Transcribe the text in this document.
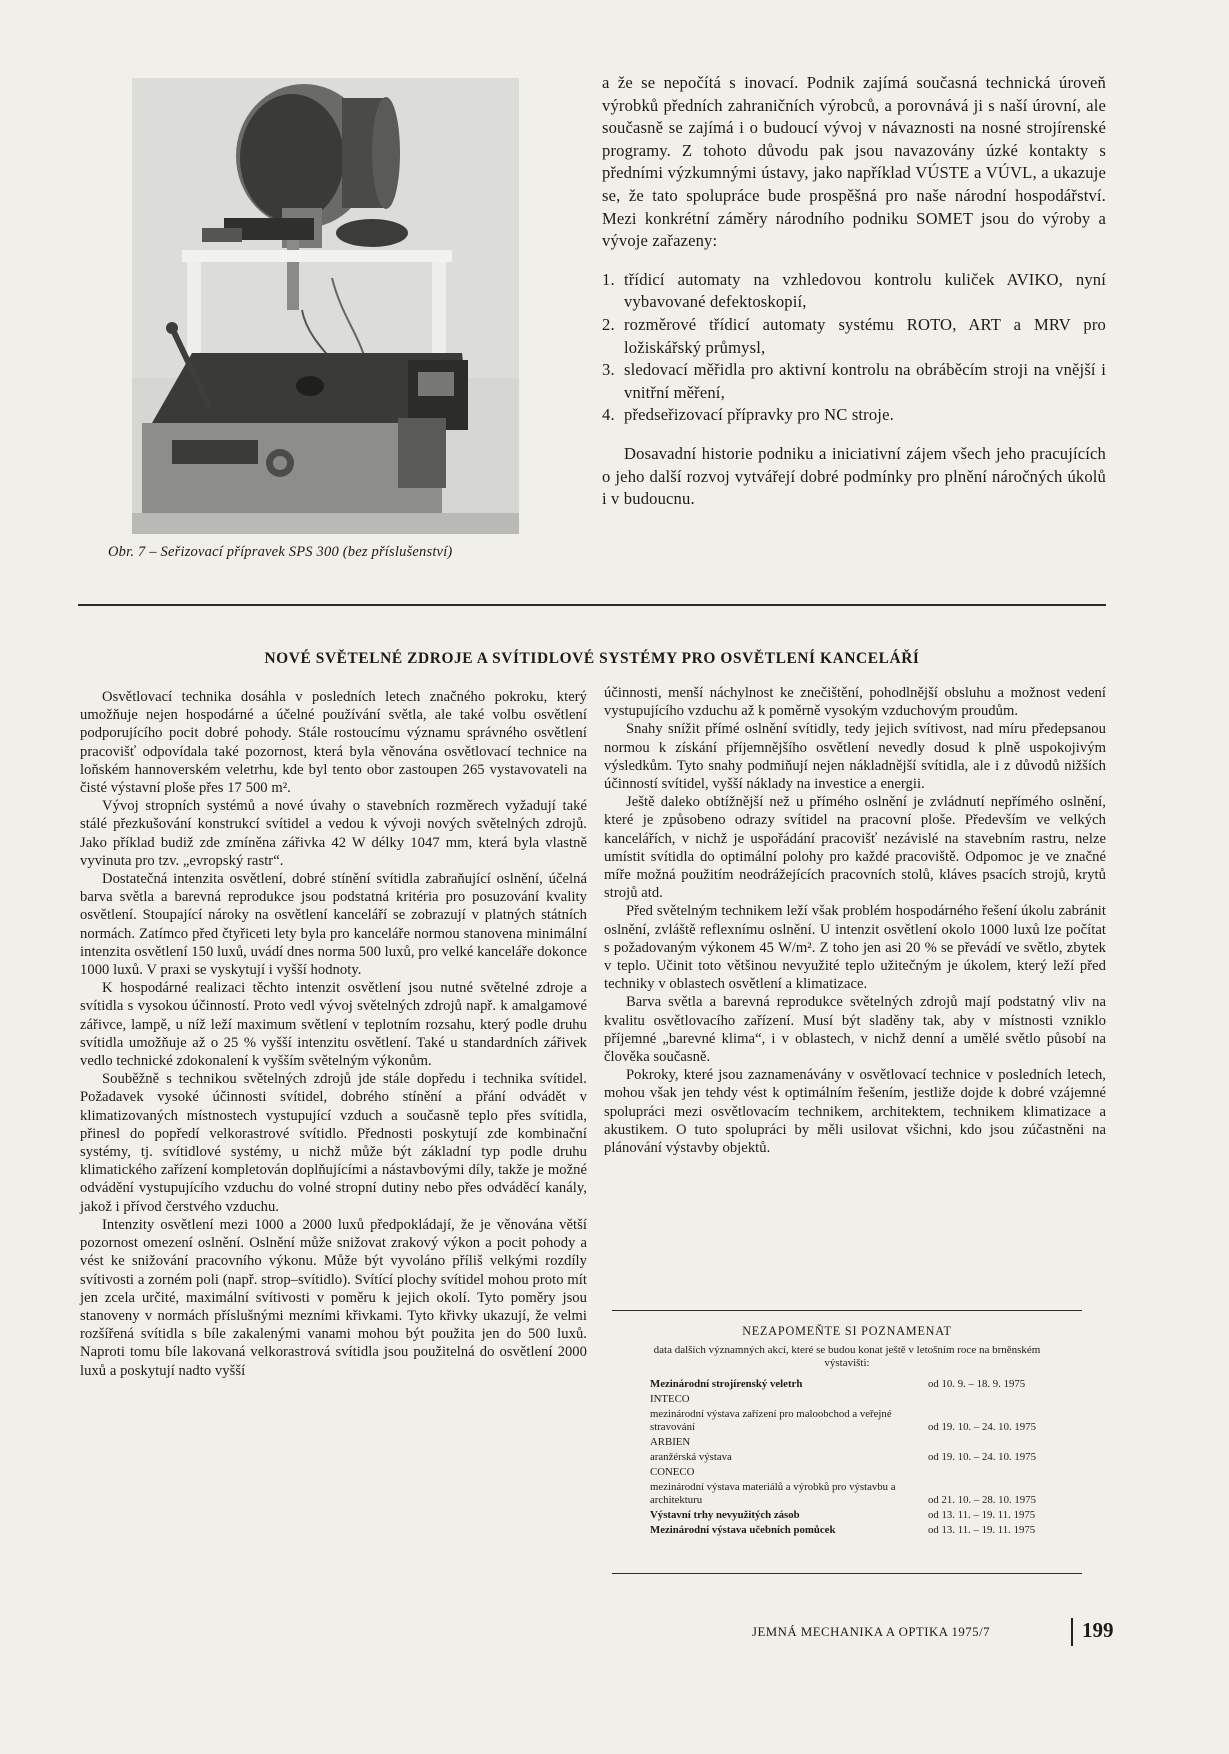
Obr. 7 – Seřizovací přípravek SPS 300 (bez příslušenství)

a že se nepočítá s inovací. Podnik zajímá současná technická úroveň výrobků předních zahraničních výrobců, a porovnává ji s naší úrovní, ale současně se zajímá i o budoucí vývoj v návaznosti na nosné strojírenské programy. Z tohoto důvodu pak jsou navazovány úzké kontakty s předními výzkumnými ústavy, jako například VÚSTE a VÚVL, a ukazuje se, že tato spolupráce bude prospěšná pro naše národní hospodářství. Mezi konkrétní záměry národního podniku SOMET jsou do výroby a vývoje zařazeny:

1. třídicí automaty na vzhledovou kontrolu kuliček AVIKO, nyní vybavované defektoskopií,
2. rozměrové třídicí automaty systému ROTO, ART a MRV pro ložiskářský průmysl,
3. sledovací měřidla pro aktivní kontrolu na obráběcím stroji na vnější i vnitřní měření,
4. předseřizovací přípravky pro NC stroje.

Dosavadní historie podniku a iniciativní zájem všech jeho pracujících o jeho další rozvoj vytvářejí dobré podmínky pro plnění náročných úkolů i v budoucnu.

NOVÉ SVĚTELNÉ ZDROJE A SVÍTIDLOVÉ SYSTÉMY PRO OSVĚTLENÍ KANCELÁŘÍ

Osvětlovací technika dosáhla v posledních letech značného pokroku, který umožňuje nejen hospodárné a účelné používání světla, ale také volbu osvětlení podporujícího pocit dobré pohody. Stále rostoucímu významu správného osvětlení pracovišť odpovídala také pozornost, která byla věnována osvětlovací technice na loňském hannoverském veletrhu, kde byl tento obor zastoupen 265 vystavovateli na čisté výstavní ploše přes 17 500 m².

Vývoj stropních systémů a nové úvahy o stavebních rozměrech vyžadují také stálé přezkušování konstrukcí svítidel a vedou k vývoji nových světelných zdrojů. Jako příklad budiž zde zmíněna zářivka 42 W délky 1047 mm, která byla vlastně vyvinuta pro tzv. „evropský rastr“.

Dostatečná intenzita osvětlení, dobré stínění svítidla zabraňující oslnění, účelná barva světla a barevná reprodukce jsou podstatná kritéria pro posuzování kvality osvětlení. Stoupající nároky na osvětlení kanceláří se zobrazují v platných státních normách. Zatímco před čtyřiceti lety byla pro kanceláře normou stanovena minimální intenzita osvětlení 150 luxů, uvádí dnes norma 500 luxů, pro velké kanceláře dokonce 1000 luxů. V praxi se vyskytují i vyšší hodnoty.

K hospodárné realizaci těchto intenzit osvětlení jsou nutné světelné zdroje a svítidla s vysokou účinností. Proto vedl vývoj světelných zdrojů např. k amalgamové zářivce, lampě, u níž leží maximum světlení v teplotním rozsahu, který podle druhu svítidla umožňuje až o 25 % vyšší intenzitu osvětlení. Také u standardních zářivek vedlo technické zdokonalení k vyšším světelným výkonům.

Souběžně s technikou světelných zdrojů jde stále dopředu i technika svítidel. Požadavek vysoké účinnosti svítidel, dobrého stínění a přání odvádět v klimatizovaných místnostech vystupující vzduch a současně teplo přes svítidla, přinesl do popředí velkorastrové svítidlo. Přednosti poskytují zde kombinační systémy, tj. svítidlové systémy, u nichž může být základní typ podle druhu klimatického zařízení kompletován doplňujícími a nástavbovými díly, takže je možné odvádění vystupujícího vzduchu do volné stropní dutiny nebo přes odváděcí kanály, jakož i přívod čerstvého vzduchu.

Intenzity osvětlení mezi 1000 a 2000 luxů předpokládají, že je věnována větší pozornost omezení oslnění. Oslnění může snižovat zrakový výkon a pocit pohody a vést ke snižování pracovního výkonu. Může být vyvoláno příliš velkými rozdíly svítivosti a zorném poli (např. strop–svítidlo). Svítící plochy svítidel mohou proto mít jen zcela určité, maximální svítivosti v poměru k jejich okolí. Tyto poměry jsou stanoveny v normách příslušnými mezními křivkami. Tyto křivky ukazují, že velmi rozšířená svítidla s bíle zakalenými vanami mohou být použita jen do 500 luxů. Naproti tomu bíle lakovaná velkorastrová svítidla jsou použitelná do osvětlení 2000 luxů a poskytují nadto vyšší

účinnosti, menší náchylnost ke znečištění, pohodlnější obsluhu a možnost vedení vystupujícího vzduchu až k poměrně vysokým vzduchovým proudům.

Snahy snížit přímé oslnění svítidly, tedy jejich svítivost, nad míru předepsanou normou k získání příjemnějšího osvětlení nevedly dosud k plně uspokojivým výsledkům. Tyto snahy podmiňují nejen nákladnější svítidla, ale i z důvodů nižších účinností svítidel, vyšší náklady na investice a energii.

Ještě daleko obtížnější než u přímého oslnění je zvládnutí nepřímého oslnění, které je způsobeno odrazy svítidel na pracovní ploše. Především ve velkých kancelářích, v nichž je uspořádání pracovišť nezávislé na stavebním rastru, nelze umístit svítidla do optimální polohy pro každé pracoviště. Odpomoc je ve značné míře možná použitím neodrážejících pracovních stolů, kláves psacích strojů, krytů strojů atd.

Před světelným technikem leží však problém hospodárného řešení úkolu zabránit oslnění, zvláště reflexnímu oslnění. U intenzit osvětlení okolo 1000 luxů lze počítat s požadovaným výkonem 45 W/m². Z toho jen asi 20 % se převádí ve světlo, zbytek v teplo. Učinit toto většinou nevyužité teplo užitečným je úkolem, který leží před techniky v oblastech osvětlení a klimatizace.

Barva světla a barevná reprodukce světelných zdrojů mají podstatný vliv na kvalitu osvětlovacího zařízení. Musí být sladěny tak, aby v místnosti vzniklo příjemné „barevné klima“, i v oblastech, v nichž denní a umělé světlo působí na člověka současně.

Pokroky, které jsou zaznamenávány v osvětlovací technice v posledních letech, mohou však jen tehdy vést k optimálním řešením, jestliže dojde k dobré vzájemné spolupráci mezi osvětlovacím technikem, architektem, technikem klimatizace a akustikem. O tuto spolupráci by měli usilovat všichni, kdo jsou zúčastněni na plánování výstavby objektů.

NEZAPOMEŇTE SI POZNAMENAT
data dalších významných akcí, které se budou konat ještě v letošním roce na brněnském výstavišti:
Mezinárodní strojírenský veletrh	od 10. 9. – 18. 9. 1975
INTECO
mezinárodní výstava zařízení pro maloobchod a veřejné stravování	od 19. 10. – 24. 10. 1975
ARBIEN
aranžérská výstava	od 19. 10. – 24. 10. 1975
CONECO
mezinárodní výstava materiálů a výrobků pro výstavbu a architekturu	od 21. 10. – 28. 10. 1975
Výstavní trhy nevyužitých zásob	od 13. 11. – 19. 11. 1975
Mezinárodní výstava učebních pomůcek	od 13. 11. – 19. 11. 1975
JEMNÁ MECHANIKA A OPTIKA 1975/7	199
